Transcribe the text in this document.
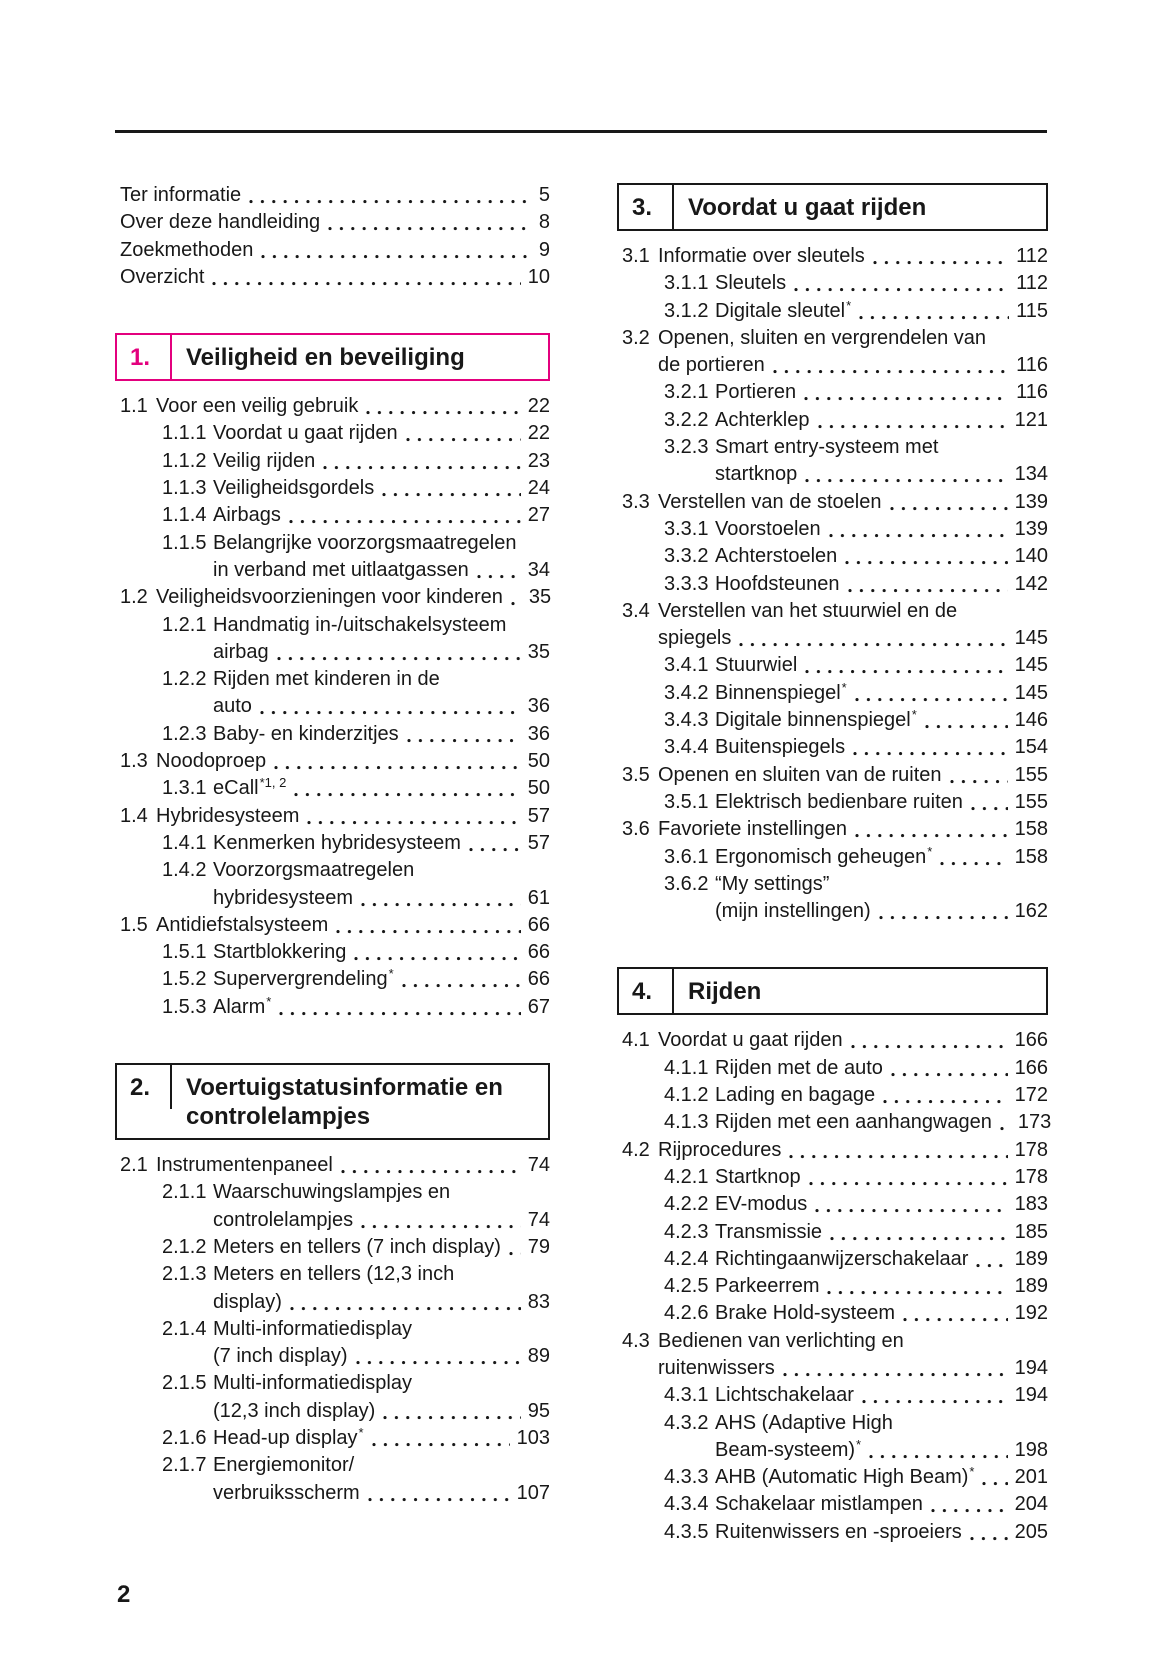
Ter informatie	5
Over deze handleiding	8
Zoekmethoden	9
Overzicht	10
1.	Veiligheid en beveiliging
1.1 Voor een veilig gebruik	22
1.1.1 Voordat u gaat rijden	22
1.1.2 Veilig rijden	23
1.1.3 Veiligheidsgordels	24
1.1.4 Airbags	27
1.1.5 Belangrijke voorzorgsmaatregelen
in verband met uitlaatgassen	34
1.2 Veiligheidsvoorzieningen voor kinderen 35
1.2.1 Handmatig in-/uitschakelsysteem
airbag	35
1.2.2 Rijden met kinderen in de
auto	36
1.2.3 Baby- en kinderzitjes	36
1.3 Noodoproep	50
1.3.1 eCall$^{*1, 2}$	50
1.4 Hybridesysteem	57
1.4.1 Kenmerken hybridesysteem	57
1.4.2 Voorzorgsmaatregelen
hybridesysteem	61
1.5 Antidiefstalsysteem	66
1.5.1 Startblokkering	66
1.5.2 Supervergrendeling*	66
1.5.3 Alarm*	67
2.	Voertuigstatusinformatie en
controlelampjes
2.1 Instrumentenpaneel	74
2.1.1 Waarschuwingslampjes en
controlelampjes	74
2.1.2 Meters en tellers (7 inch display) 79
2.1.3 Meters en tellers (12,3 inch
display)	83
2.1.4 Multi-informatiedisplay
(7 inch display)	89
2.1.5 Multi-informatiedisplay
(12,3 inch display)	95
2.1.6 Head-up display*	103
2.1.7 Energiemonitor/
verbruiksscherm	107
3.	Voordat u gaat rijden
3.1 Informatie over sleutels	112
3.1.1 Sleutels	112
3.1.2 Digitale sleutel*	115
3.2 Openen, sluiten en vergrendelen van
de portieren	116
3.2.1 Portieren	116
3.2.2 Achterklep	121
3.2.3 Smart entry-systeem met
startknop	134
3.3 Verstellen van de stoelen	139
3.3.1 Voorstoelen	139
3.3.2 Achterstoelen	140
3.3.3 Hoofdsteunen	142
3.4 Verstellen van het stuurwiel en de
spiegels	145
3.4.1 Stuurwiel	145
3.4.2 Binnenspiegel*	145
3.4.3 Digitale binnenspiegel*	146
3.4.4 Buitenspiegels	154
3.5 Openen en sluiten van de ruiten	155
3.5.1 Elektrisch bedienbare ruiten	155
3.6 Favoriete instellingen	158
3.6.1 Ergonomisch geheugen*	158
3.6.2 “My settings”
(mijn instellingen)	162
4.	Rijden
4.1 Voordat u gaat rijden	166
4.1.1 Rijden met de auto	166
4.1.2 Lading en bagage	172
4.1.3 Rijden met een aanhangwagen 173
4.2 Rijprocedures	178
4.2.1 Startknop	178
4.2.2 EV-modus	183
4.2.3 Transmissie	185
4.2.4 Richtingaanwijzerschakelaar 189
4.2.5 Parkeerrem	189
4.2.6 Brake Hold-systeem	192
4.3 Bedienen van verlichting en
ruitenwissers	194
4.3.1 Lichtschakelaar	194
4.3.2 AHS (Adaptive High
Beam-systeem)*	198
4.3.3 AHB (Automatic High Beam)* 201
4.3.4 Schakelaar mistlampen	204
4.3.5 Ruitenwissers en -sproeiers	205
2
